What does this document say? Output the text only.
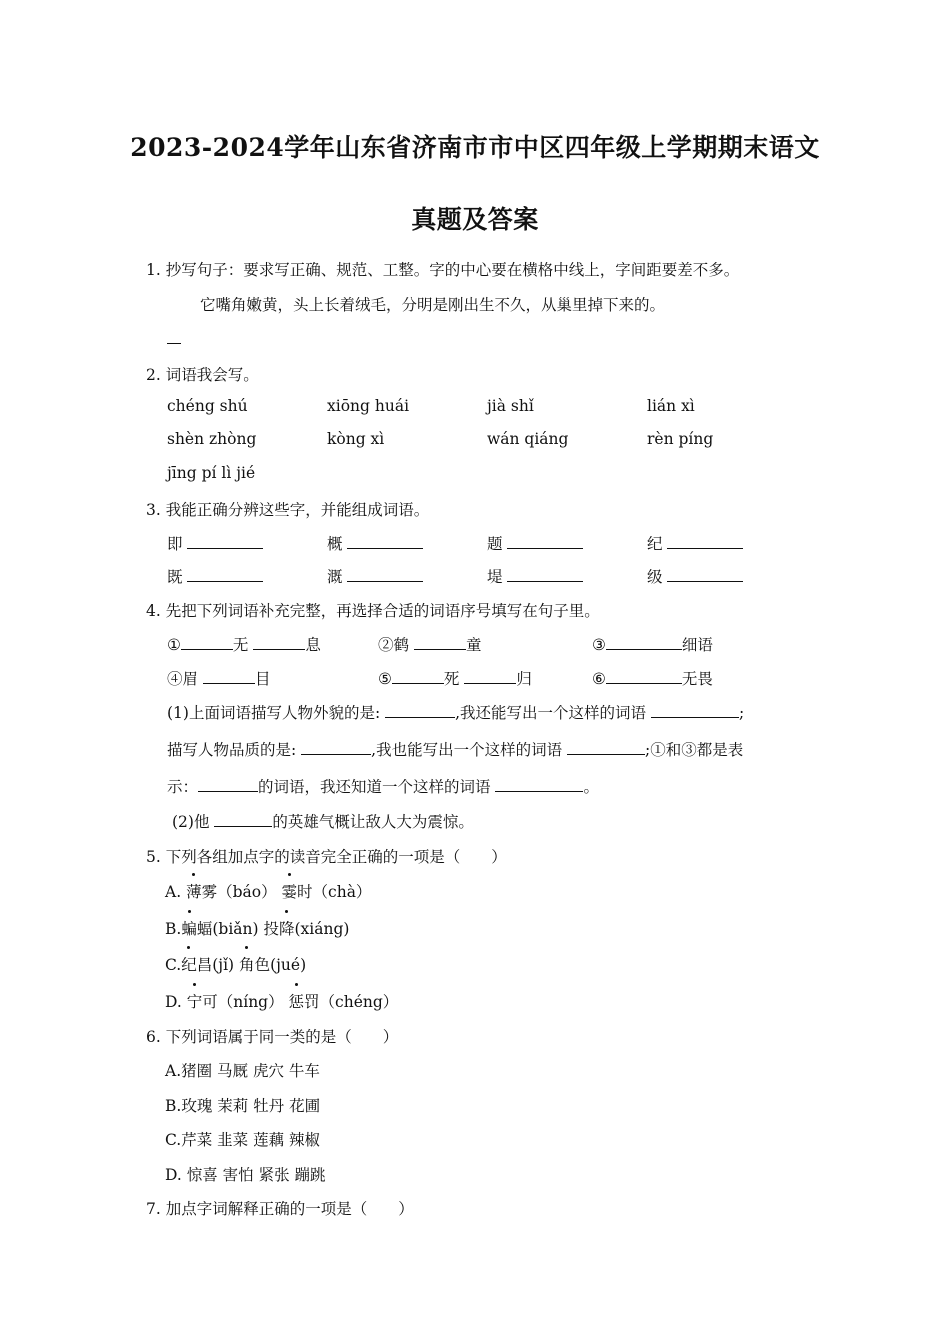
2023-2024学年山东省济南市市中区四年级上学期期末语文
真题及答案
1. 抄写句子：要求写正确、规范、工整。字的中心要在横格中线上，字间距要差不多。
它嘴角嫩黄，头上长着绒毛，分明是刚出生不久，从巢里掉下来的。
2. 词语我会写。
chéng shú	xiōng huái	jià shǐ	lián xì
shèn zhòng	kòng xì	wán qiáng	rèn píng
jīng pí lì jié
3. 我能正确分辨这些字，并能组成词语。
即	概	题	纪
既	溉	堤	级
4. 先把下列词语补充完整，再选择合适的词语序号填写在句子里。
①	无	息	②鹤	童	③	细语
④眉	目	⑤	死	归	⑥	无畏
(1)上面词语描写人物外貌的是:	,我还能写出一个这样的词语	;
描写人物品质的是:	,我也能写出一个这样的词语	;①和③都是表
示：	的词语，我还知道一个这样的词语	。
(2)他	的英雄气概让敌人大为震惊。
5. 下列各组加点字的读音完全正确的一项是（　　）
A. 薄雾（báo） 霎时（chà）
B.蝙蝠(biǎn) 投降(xiáng)
C.纪昌(jǐ) 角色(jué)
D. 宁可（níng） 惩罚（chéng）
6. 下列词语属于同一类的是（　　）
A.猪圈 马厩 虎穴 牛车
B.玫瑰 茉莉 牡丹 花圃
C.芹菜 韭菜 莲藕 辣椒
D. 惊喜 害怕 紧张 蹦跳
7. 加点字词解释正确的一项是（　　）
